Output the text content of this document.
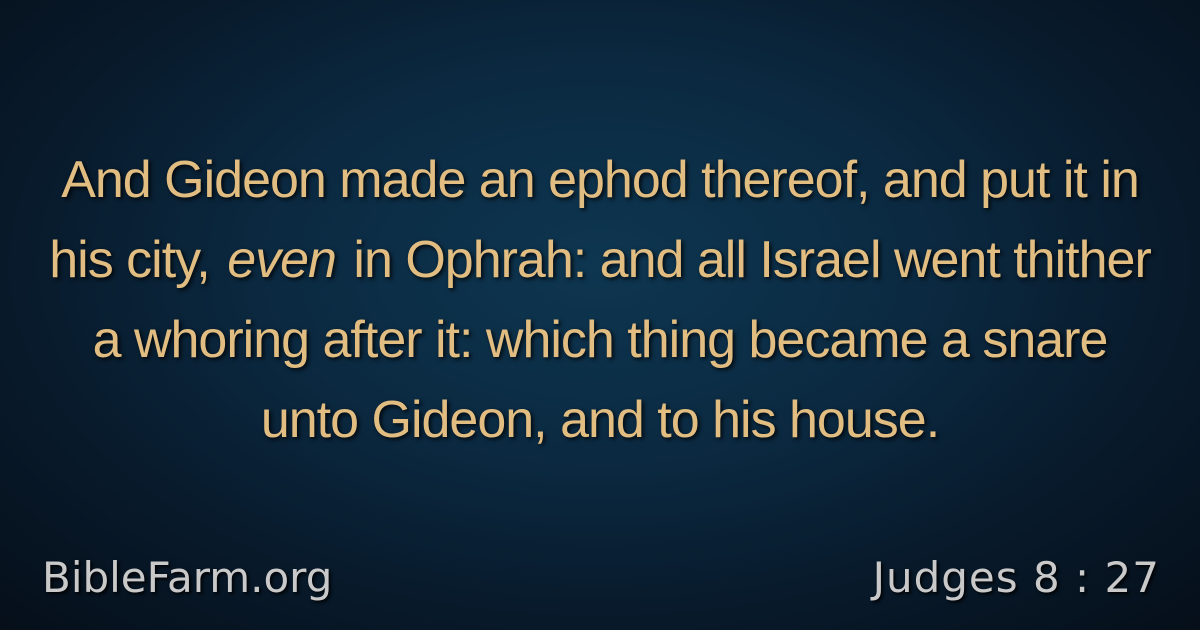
And Gideon made an ephod thereof, and put it in his city, even in Ophrah: and all Israel went thither a whoring after it: which thing became a snare unto Gideon, and to his house.
BibleFarm.org	Judges 8 : 27
